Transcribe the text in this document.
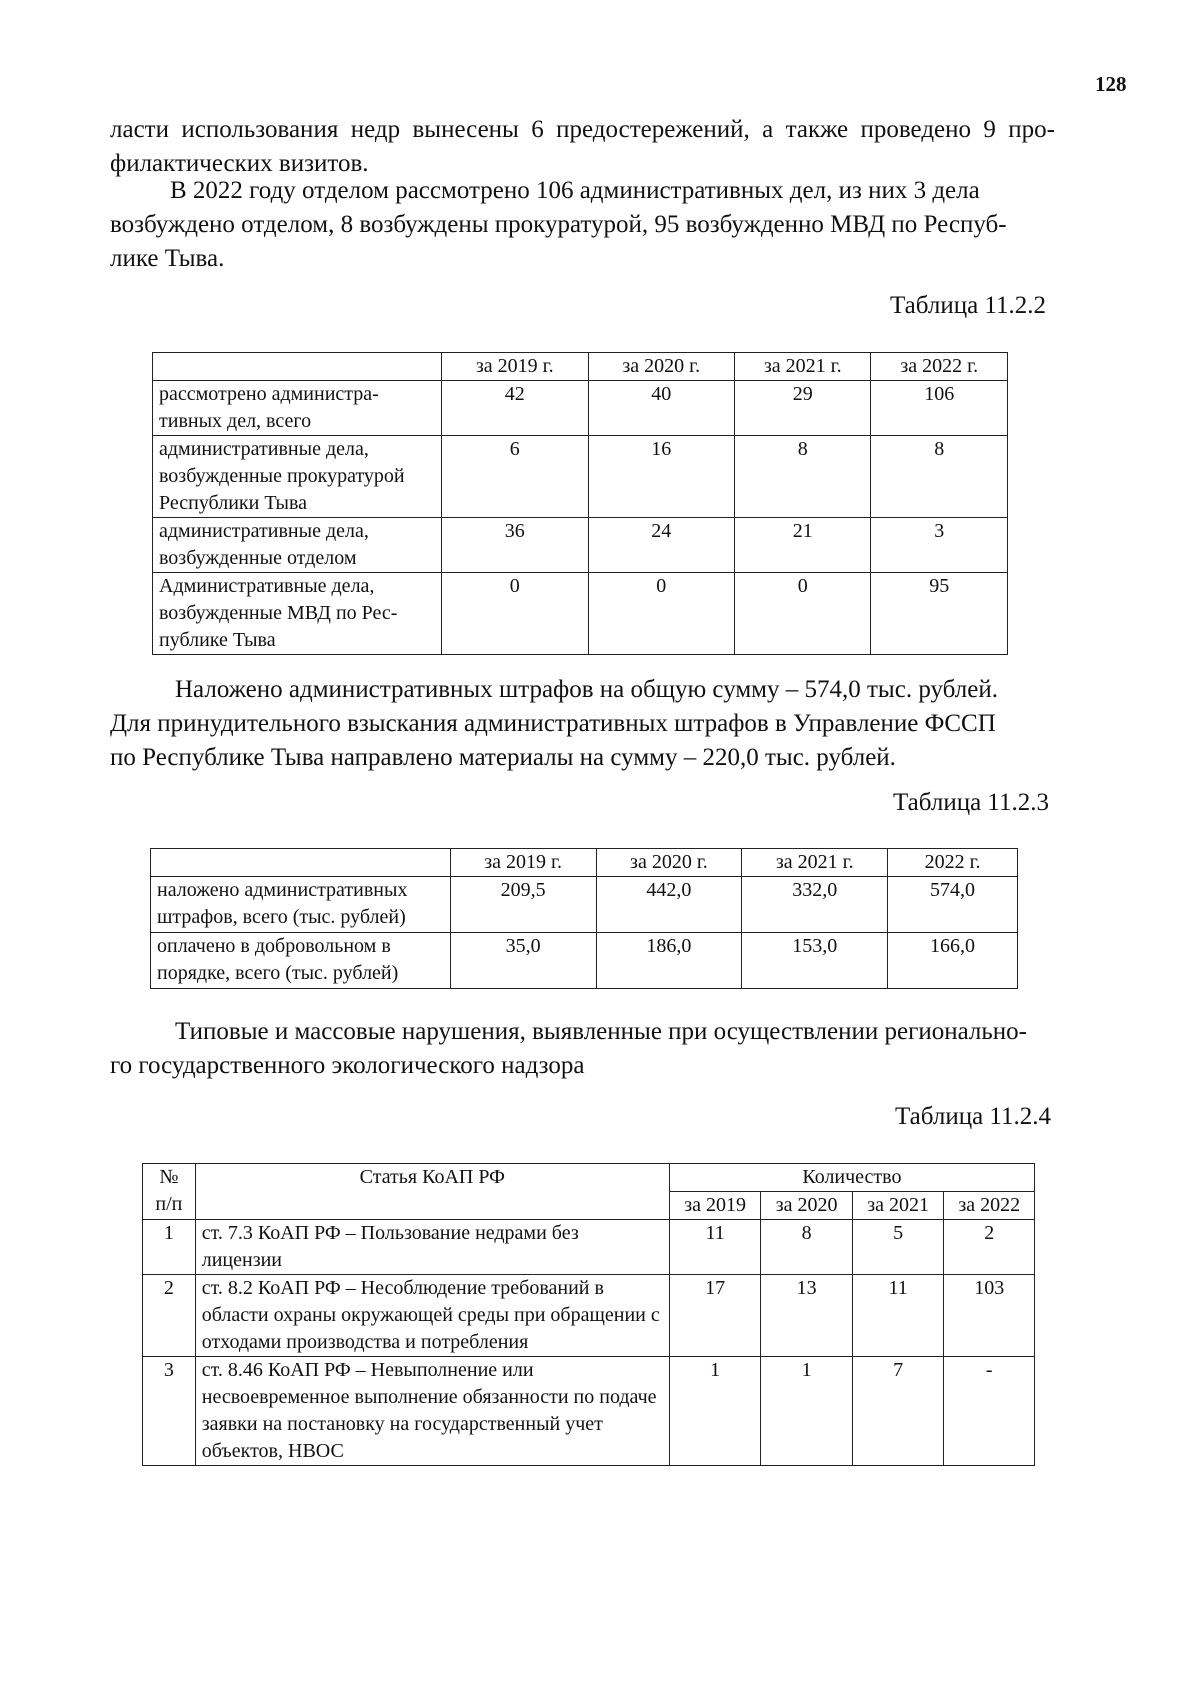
128
ласти использования недр вынесены 6 предостережений, а также проведено 9 про-
филактических визитов.
В 2022 году отделом рассмотрено 106 административных дел, из них 3 дела
возбуждено отделом, 8 возбуждены прокуратурой, 95 возбужденно МВД по Респуб-
лике Тыва.
Таблица 11.2.2
	за 2019 г.	за 2020 г.	за 2021 г.	за 2022 г.
рассмотрено администра-тивных дел, всего	42	40	29	106
административные дела, возбужденные прокуратурой Республики Тыва	6	16	8	8
административные дела, возбужденные отделом	36	24	21	3
Административные дела, возбужденные МВД по Рес-публике Тыва	0	0	0	95
Наложено административных штрафов на общую сумму – 574,0 тыс. рублей.
Для принудительного взыскания административных штрафов в Управление ФССП
по Республике Тыва направлено материалы на сумму – 220,0 тыс. рублей.
Таблица 11.2.3
	за 2019 г.	за 2020 г.	за 2021 г.	2022 г.
наложено административных штрафов, всего (тыс. рублей)	209,5	442,0	332,0	574,0
оплачено в добровольном в порядке, всего (тыс. рублей)	35,0	186,0	153,0	166,0
Типовые и массовые нарушения, выявленные при осуществлении регионально-
го государственного экологического надзора
Таблица 11.2.4
№ п/п	Статья КоАП РФ	Количество			
		за 2019	за 2020	за 2021	за 2022
1	ст. 7.3 КоАП РФ – Пользование недрами без лицензии	11	8	5	2
2	ст. 8.2 КоАП РФ – Несоблюдение требований в области охраны окружающей среды при обращении с отходами производства и потребления	17	13	11	103
3	ст. 8.46 КоАП РФ – Невыполнение или несвоевременное выполнение обязанности по подаче заявки на постановку на государственный учет объектов, НВОС	1	1	7	-
